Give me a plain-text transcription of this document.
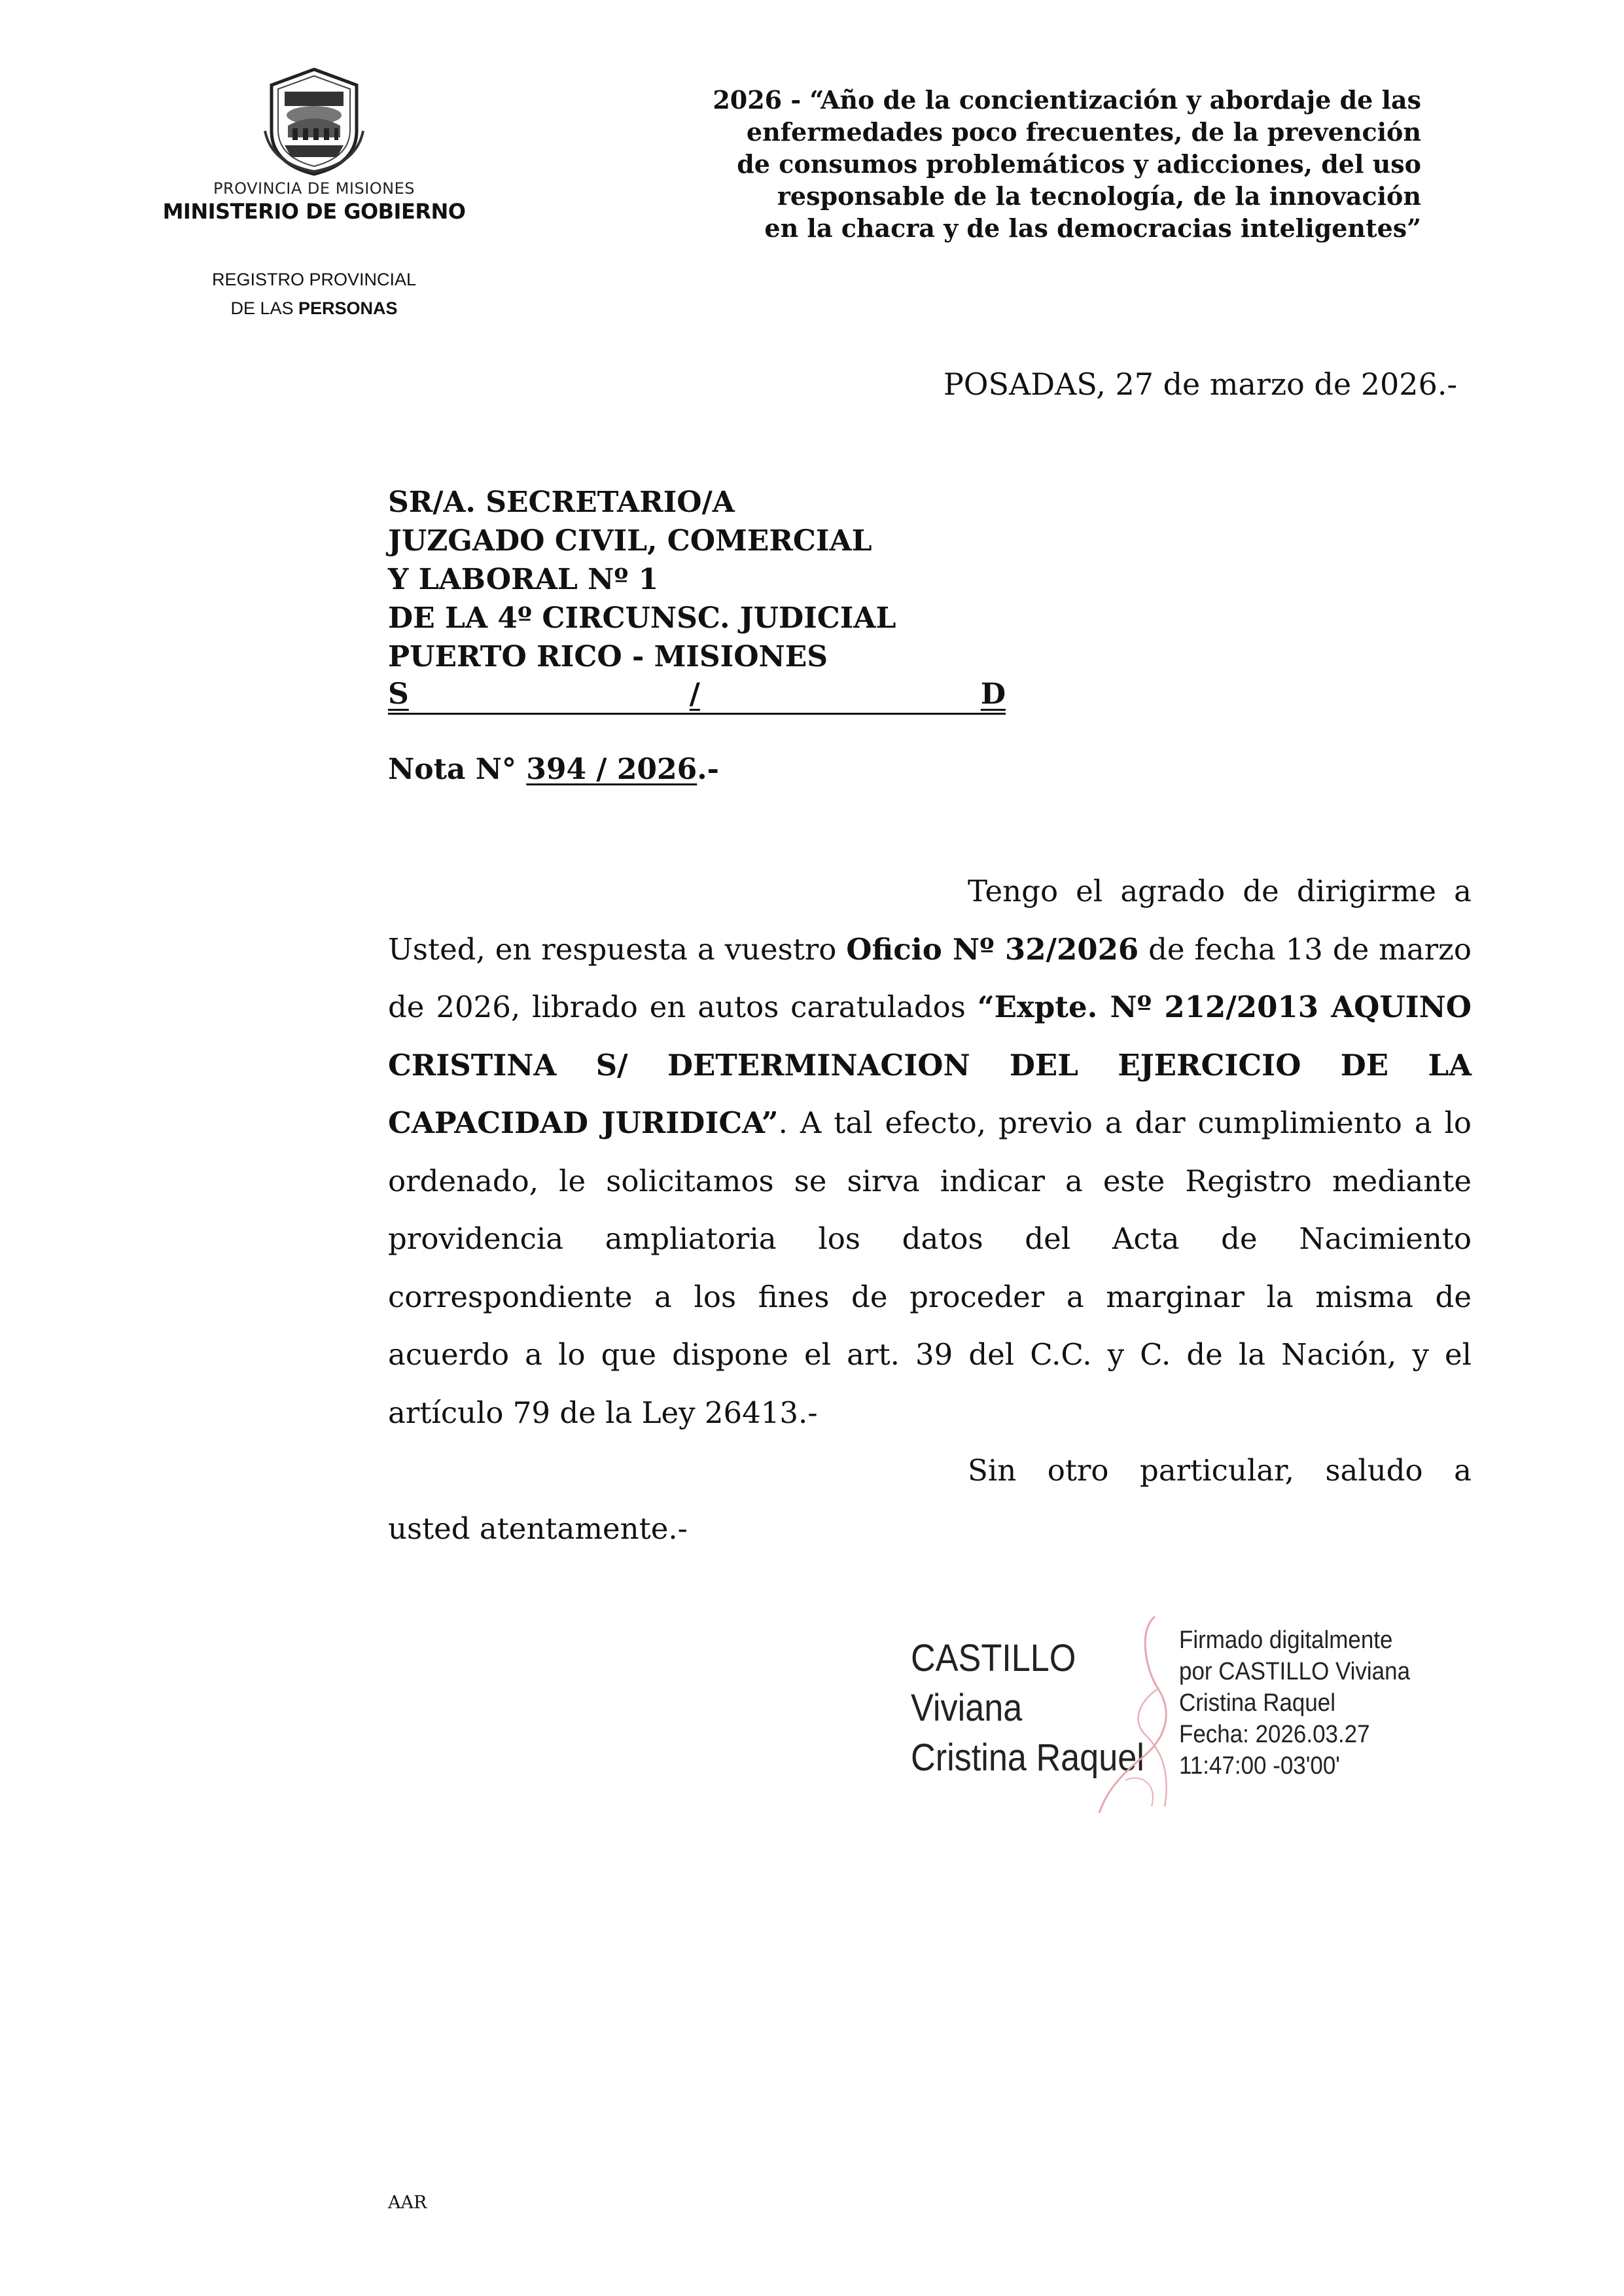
PROVINCIA DE MISIONES
MINISTERIO DE GOBIERNO
REGISTRO PROVINCIAL
DE LAS PERSONAS
2026 - “Año de la concientización y abordaje de las
enfermedades poco frecuentes, de la prevención
de consumos problemáticos y adicciones, del uso
responsable de la tecnología, de la innovación
en la chacra y de las democracias inteligentes”
POSADAS, 27 de marzo de 2026.-
SR/A. SECRETARIO/A
JUZGADO CIVIL, COMERCIAL
Y LABORAL Nº 1
DE LA 4º CIRCUNSC. JUDICIAL
PUERTO RICO - MISIONES
S	/	D
Nota N° 394 / 2026.-

Tengo el agrado de dirigirme a Usted, en respuesta a vuestro Oficio Nº 32/2026 de fecha 13 de marzo de 2026, librado en autos caratulados “Expte. Nº 212/2013 AQUINO CRISTINA S/ DETERMINACION DEL EJERCICIO DE LA CAPACIDAD JURIDICA”. A tal efecto, previo a dar cumplimiento a lo ordenado, le solicitamos se sirva indicar a este Registro mediante providencia ampliatoria los datos del Acta de Nacimiento correspondiente a los fines de proceder a marginar la misma de acuerdo a lo que dispone el art. 39 del C.C. y C. de la Nación, y el artículo 79 de la Ley 26413.-

Sin otro particular, saludo a usted atentamente.-

CASTILLO
Viviana
Cristina Raquel
Firmado digitalmente
por CASTILLO Viviana
Cristina Raquel
Fecha: 2026.03.27
11:47:00 -03'00'
AAR
